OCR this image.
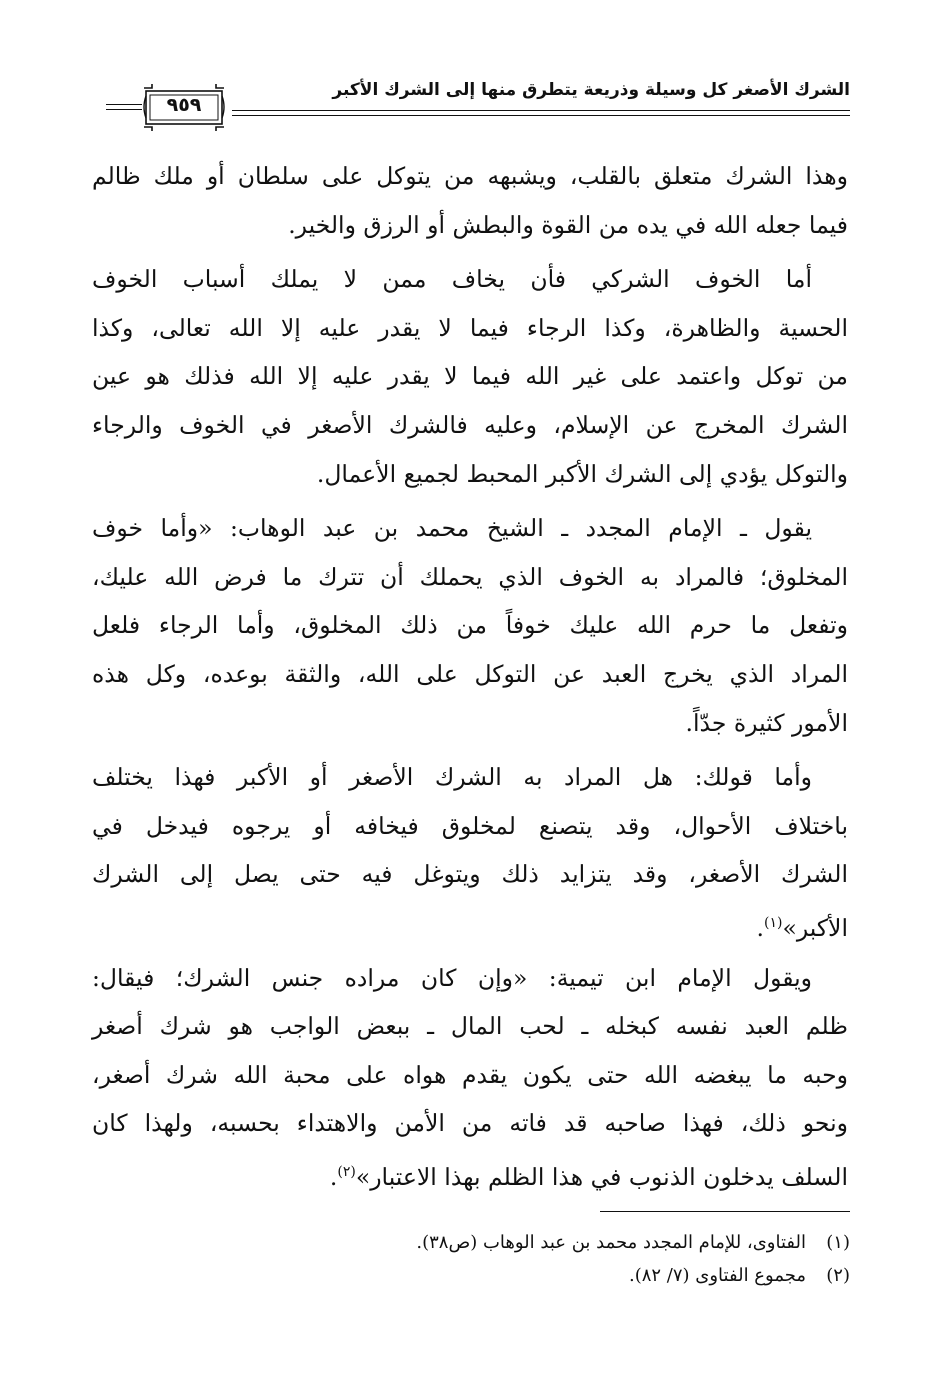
الشرك الأصغر كل وسيلة وذريعة يتطرق منها إلى الشرك الأكبر
٩٥٩
وهذا الشرك متعلق بالقلب، ويشبهه من يتوكل على سلطان أو ملك ظالم
فيما جعله الله في يده من القوة والبطش أو الرزق والخير.
أما الخوف الشركي فأن يخاف ممن لا يملك أسباب الخوف
الحسية والظاهرة، وكذا الرجاء فيما لا يقدر عليه إلا الله تعالى، وكذا
من توكل واعتمد على غير الله فيما لا يقدر عليه إلا الله فذلك هو عين
الشرك المخرج عن الإسلام، وعليه فالشرك الأصغر في الخوف والرجاء
والتوكل يؤدي إلى الشرك الأكبر المحبط لجميع الأعمال.
يقول ـ الإمام المجدد ـ الشيخ محمد بن عبد الوهاب: «وأما خوف
المخلوق؛ فالمراد به الخوف الذي يحملك أن تترك ما فرض الله عليك،
وتفعل ما حرم الله عليك خوفاً من ذلك المخلوق، وأما الرجاء فلعل
المراد الذي يخرج العبد عن التوكل على الله، والثقة بوعده، وكل هذه
الأمور كثيرة جدّاً.
وأما قولك: هل المراد به الشرك الأصغر أو الأكبر فهذا يختلف
باختلاف الأحوال، وقد يتصنع لمخلوق فيخافه أو يرجوه فيدخل في
الشرك الأصغر، وقد يتزايد ذلك ويتوغل فيه حتى يصل إلى الشرك
الأكبر»$^{(١)}$.
ويقول الإمام ابن تيمية: «وإن كان مراده جنس الشرك؛ فيقال:
ظلم العبد نفسه كبخله ـ لحب المال ـ ببعض الواجب هو شرك أصغر
وحبه ما يبغضه الله حتى يكون يقدم هواه على محبة الله شرك أصغر،
ونحو ذلك، فهذا صاحبه قد فاته من الأمن والاهتداء بحسبه، ولهذا كان
السلف يدخلون الذنوب في هذا الظلم بهذا الاعتبار»$^{(٢)}$.
(١)الفتاوى، للإمام المجدد محمد بن عبد الوهاب (ص٣٨).
(٢)مجموع الفتاوى (٧/ ٨٢).
